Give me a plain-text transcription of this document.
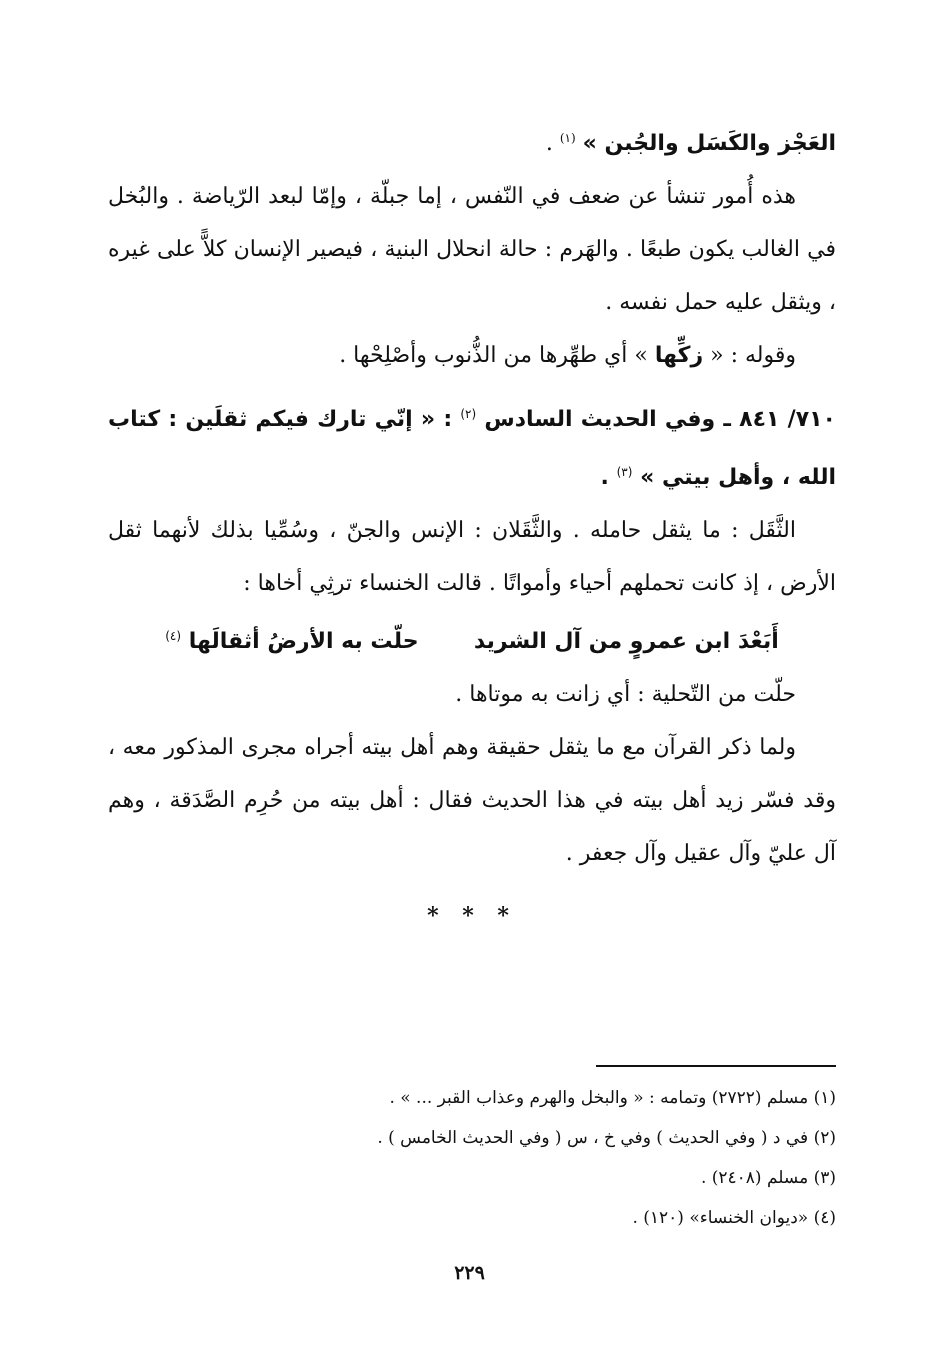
العَجْز والكَسَل والجُبن » $^{(١)}$ .

هذه أُمور تنشأ عن ضعف في النّفس ، إما جبلّة ، وإمّا لبعد الرّياضة . والبُخل في الغالب يكون طبعًا . والهَرم : حالة انحلال البنية ، فيصير الإنسان كلاًّ على غيره ، ويثقل عليه حمل نفسه .

وقوله : « زكِّها » أي طهِّرها من الذُّنوب وأصْلِحْها .

٧١٠/ ٨٤١ ـ وفي الحديث السادس $^{(٢)}$ : « إنّي تارك فيكم ثقلَين : كتاب الله ، وأهل بيتي » $^{(٣)}$ .

الثَّقَل : ما يثقل حامله . والثَّقَلان : الإنس والجنّ ، وسُمِّيا بذلك لأنهما ثقل الأرض ، إذ كانت تحملهم أحياء وأمواتًا . قالت الخنساء ترثِي أخاها :

أَبَعْدَ ابن عمروٍ من آل الشريد  حلّت به الأرضُ أثقالَها $^{(٤)}$

حلّت من التّحلية : أي زانت به موتاها .

ولما ذكر القرآن مع ما يثقل حقيقة وهم أهل بيته أجراه مجرى المذكور معه ، وقد فسّر زيد أهل بيته في هذا الحديث فقال : أهل بيته من حُرِم الصَّدَقة ، وهم آل عليّ وآل عقيل وآل جعفر .

* * *

(١) مسلم (٢٧٢٢) وتمامه : « والبخل والهرم وعذاب القبر ... » .

(٢) في د ( وفي الحديث ) وفي خ ، س ( وفي الحديث الخامس ) .

(٣) مسلم (٢٤٠٨) .

(٤) «ديوان الخنساء» (١٢٠) .

٢٢٩
